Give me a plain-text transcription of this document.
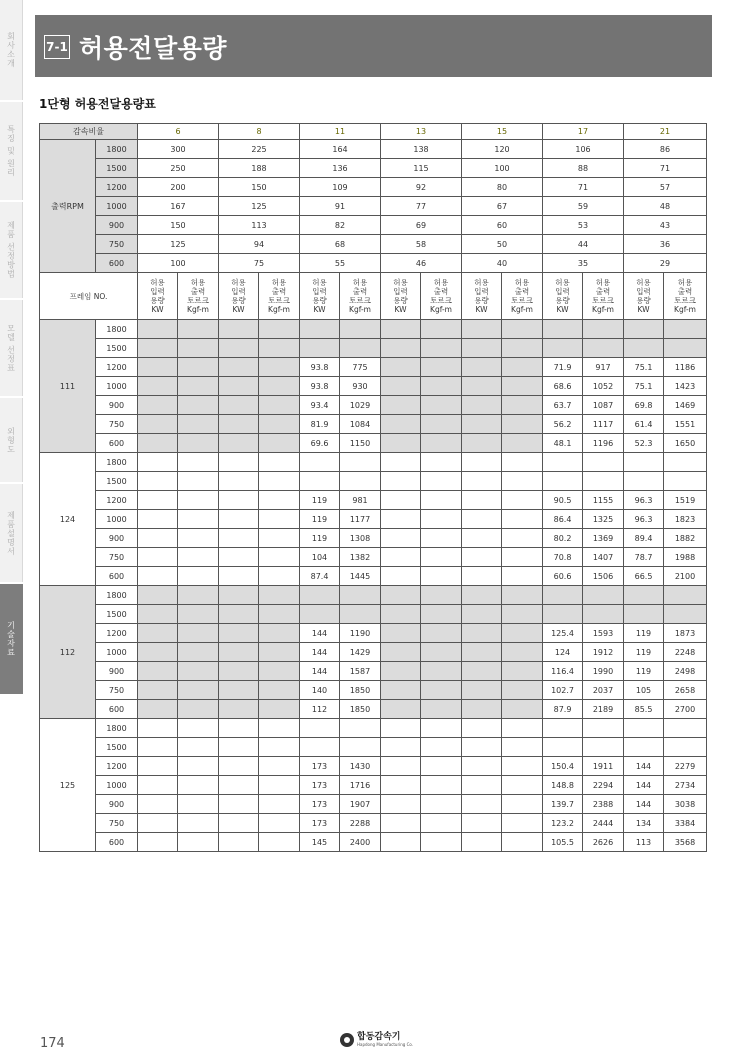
회사소개
특징 및 원리
제품 선정방법
모델 선정표
외형도
제품설명서
기술자료
7-1 허용전달용량
1단형 허용전달용량표
감속비율		6		8		11		13		15		17		21	
출력RPM	1800	300		225		164		138		120		106		86	
	1500	250		188		136		115		100		88		71	
	1200	200		150		109		92		80		71		57	
	1000	167		125		91		77		67		59		48	
	900	150		113		82		69		60		53		43	
	750	125		94		68		58		50		44		36	
	600	100		75		55		46		40		35		29	
프레임 NO.		허용
입력
용량
KW	허용
출력
토르크
Kgf-m	허용
입력
용량
KW	허용
출력
토르크
Kgf-m	허용
입력
용량
KW	허용
출력
토르크
Kgf-m	허용
입력
용량
KW	허용
출력
토르크
Kgf-m	허용
입력
용량
KW	허용
출력
토르크
Kgf-m	허용
입력
용량
KW	허용
출력
토르크
Kgf-m	허용
입력
용량
KW	허용
출력
토르크
Kgf-m
111	1800														
	1500														
	1200					93.8	775					71.9	917	75.1	1186
	1000					93.8	930					68.6	1052	75.1	1423
	900					93.4	1029					63.7	1087	69.8	1469
	750					81.9	1084					56.2	1117	61.4	1551
	600					69.6	1150					48.1	1196	52.3	1650
124	1800														
	1500														
	1200					119	981					90.5	1155	96.3	1519
	1000					119	1177					86.4	1325	96.3	1823
	900					119	1308					80.2	1369	89.4	1882
	750					104	1382					70.8	1407	78.7	1988
	600					87.4	1445					60.6	1506	66.5	2100
112	1800														
	1500														
	1200					144	1190					125.4	1593	119	1873
	1000					144	1429					124	1912	119	2248
	900					144	1587					116.4	1990	119	2498
	750					140	1850					102.7	2037	105	2658
	600					112	1850					87.9	2189	85.5	2700
125	1800														
	1500														
	1200					173	1430					150.4	1911	144	2279
	1000					173	1716					148.8	2294	144	2734
	900					173	1907					139.7	2388	144	3038
	750					173	2288					123.2	2444	134	3384
	600					145	2400					105.5	2626	113	3568
174	합동감속기
Hapdong Manufacturing Co.
